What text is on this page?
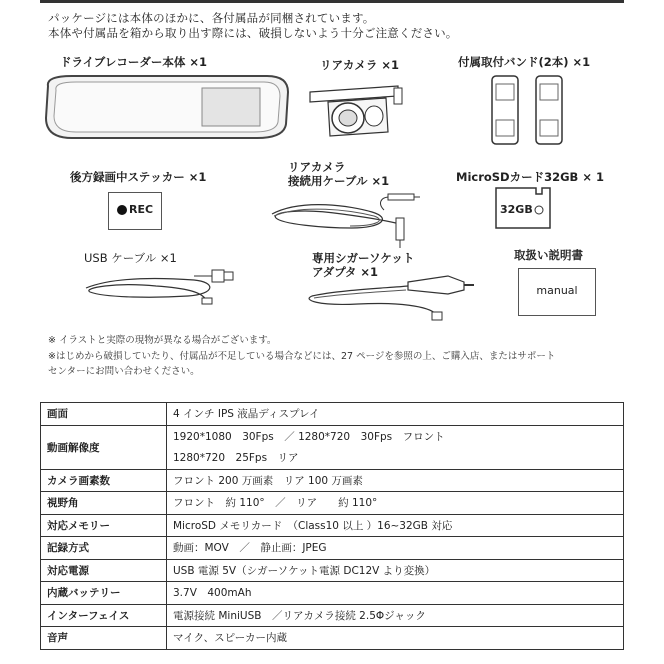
パッケージには本体のほかに、各付属品が同梱されています。
本体や付属品を箱から取り出す際には、破損しないよう十分ご注意ください。
ドライブレコーダー本体 ×1	リアカメラ ×1	付属取付バンド(2本) ×1
後方録画中ステッカー ×1
REC
リアカメラ
接続用ケーブル ×1	MicroSDカード32GB × 1
32GB
USB ケーブル ×1	専用シガーソケット
アダプタ ×1
取扱い説明書
manual
※ イラストと実際の現物が異なる場合がございます。
※はじめから破損していたり、付属品が不足している場合などには、27 ページを参照の上、ご購入店、またはサポート
センターにお問い合わせください。
画面	4 インチ IPS 液晶ディスプレイ
動画解像度	1920*1080　30Fps　／ 1280*720　30Fps　フロント
	1280*720　25Fps　リア
カメラ画素数	フロント 200 万画素　リア 100 万画素
視野角	フロント　約 110°　／　リア　　約 110°
対応メモリー	MicroSD メモリカード　（Class10 以上 ）16~32GB 対応
記録方式	動画：MOV　／　静止画：JPEG
対応電源	USB 電源 5V（シガーソケット電源 DC12V より変換）
内蔵バッテリー	3.7V　400mAh
インターフェイス	電源接続 MiniUSB　／リアカメラ接続 2.5Φジャック
音声	マイク、スピーカー内蔵
